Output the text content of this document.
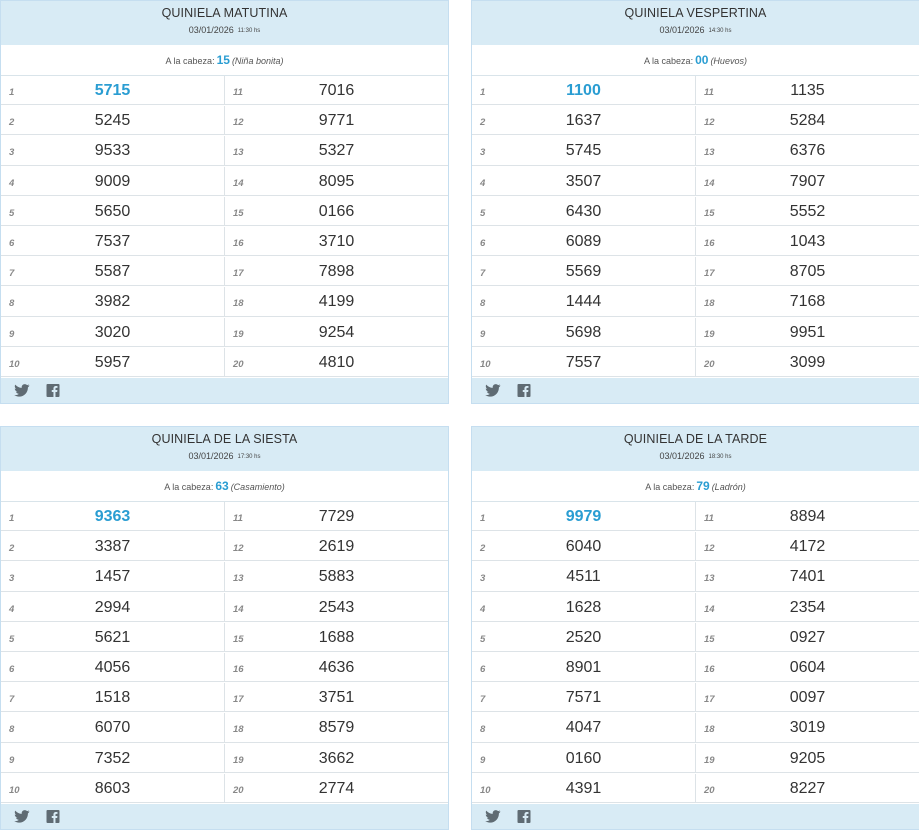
QUINIELA MATUTINA
03/01/2026 11:30 hs
A la cabeza: 15 (Niña bonita)
1	5715	11	7016
2	5245	12	9771
3	9533	13	5327
4	9009	14	8095
5	5650	15	0166
6	7537	16	3710
7	5587	17	7898
8	3982	18	4199
9	3020	19	9254
10	5957	20	4810
QUINIELA VESPERTINA
03/01/2026 14:30 hs
A la cabeza: 00 (Huevos)
1	1100	11	1135
2	1637	12	5284
3	5745	13	6376
4	3507	14	7907
5	6430	15	5552
6	6089	16	1043
7	5569	17	8705
8	1444	18	7168
9	5698	19	9951
10	7557	20	3099
QUINIELA DE LA SIESTA
03/01/2026 17:30 hs
A la cabeza: 63 (Casamiento)
1	9363	11	7729
2	3387	12	2619
3	1457	13	5883
4	2994	14	2543
5	5621	15	1688
6	4056	16	4636
7	1518	17	3751
8	6070	18	8579
9	7352	19	3662
10	8603	20	2774
QUINIELA DE LA TARDE
03/01/2026 18:30 hs
A la cabeza: 79 (Ladrón)
1	9979	11	8894
2	6040	12	4172
3	4511	13	7401
4	1628	14	2354
5	2520	15	0927
6	8901	16	0604
7	7571	17	0097
8	4047	18	3019
9	0160	19	9205
10	4391	20	8227
